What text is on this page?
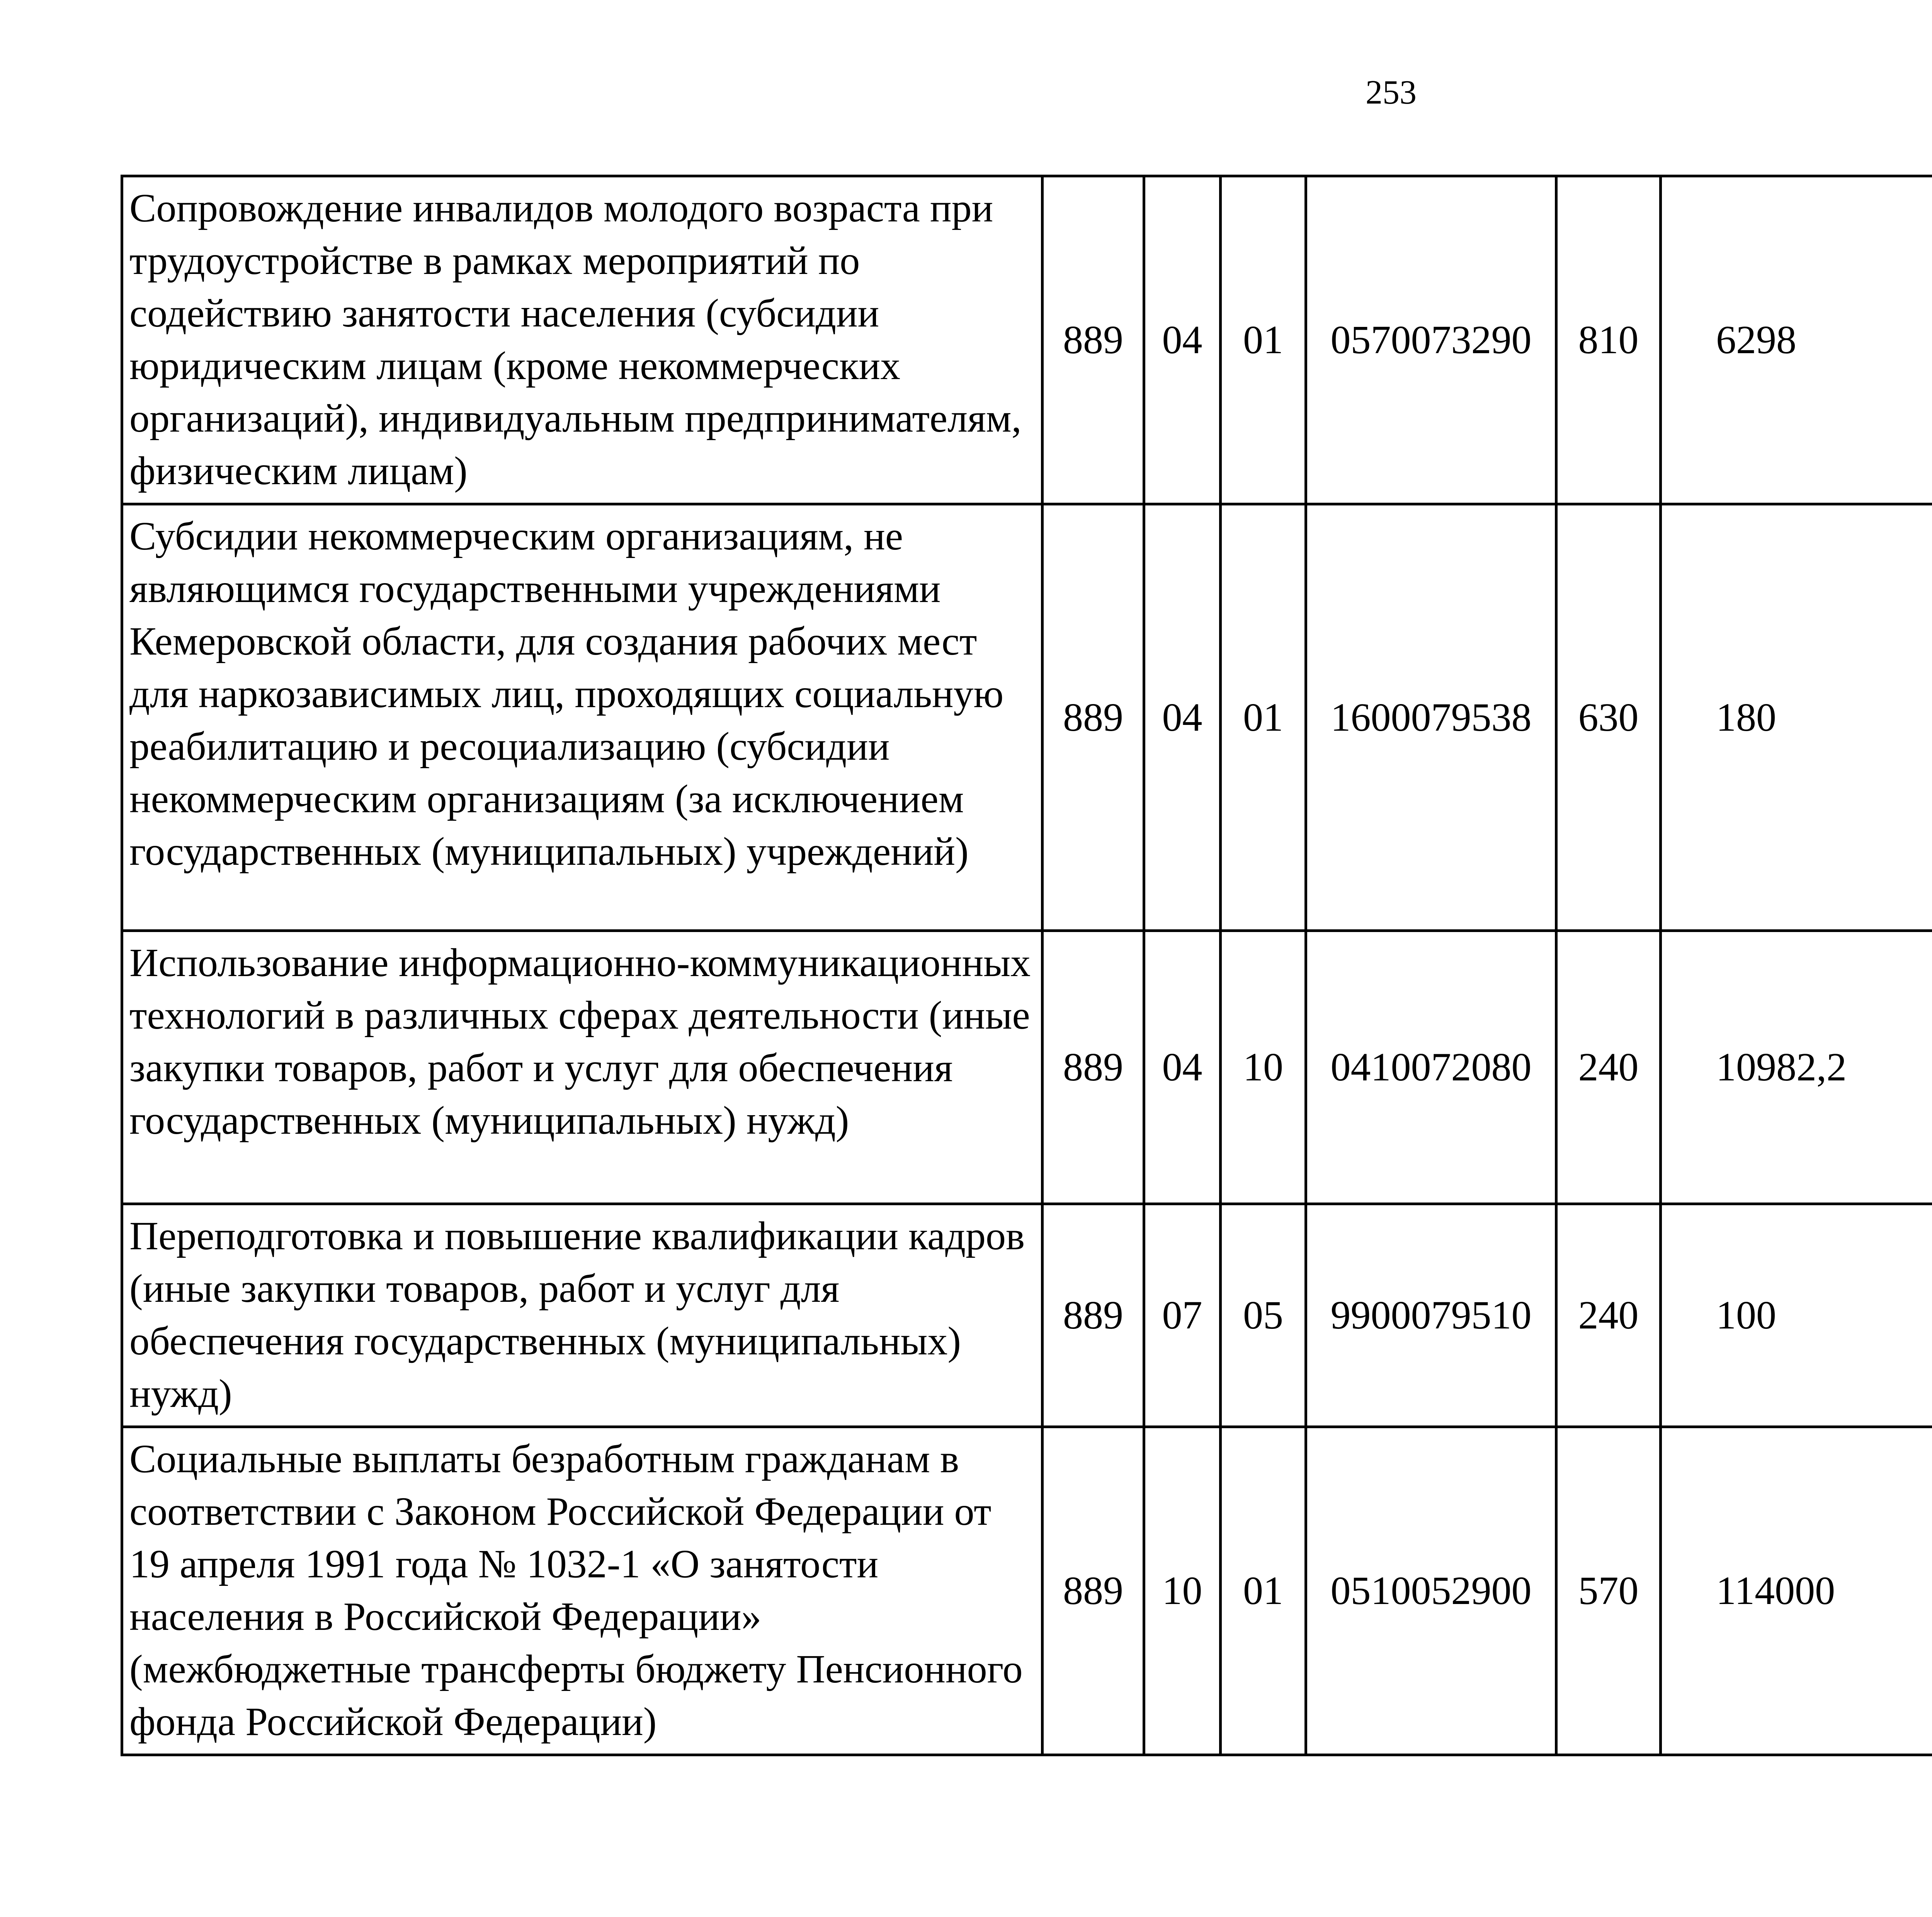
253
Сопровождение инвалидов молодого возраста при трудоустройстве в рамках мероприятий по содействию занятости населения (субсидии юридическим лицам (кроме некоммерческих организаций), индивидуальным предпринимателям, физическим лицам)	889	04	01	0570073290	810	6298		
Субсидии некоммерческим организациям, не являющимся государственными учреждениями Кемеровской области, для создания рабочих мест для наркозависимых лиц, проходящих социальную реабилитацию и ресоциализацию (субсидии некоммерческим организациям (за исключением государственных (муниципальных) учреждений)	889	04	01	1600079538	630	180		
Использование информационно-коммуникационных технологий в различных сферах деятельности (иные закупки товаров, работ и услуг для обеспечения государственных (муниципальных) нужд)	889	04	10	0410072080	240	10982,2		
Переподготовка и повышение квалификации кадров (иные закупки товаров, работ и услуг для обеспечения государственных (муниципальных) нужд)	889	07	05	9900079510	240	100		
Социальные выплаты безработным гражданам в соответствии с Законом Российской Федерации от 19 апреля 1991 года № 1032-1 «О занятости населения в Российской Федерации» (межбюджетные трансферты бюджету Пенсионного фонда Российской Федерации)	889	10	01	0510052900	570	114000		
